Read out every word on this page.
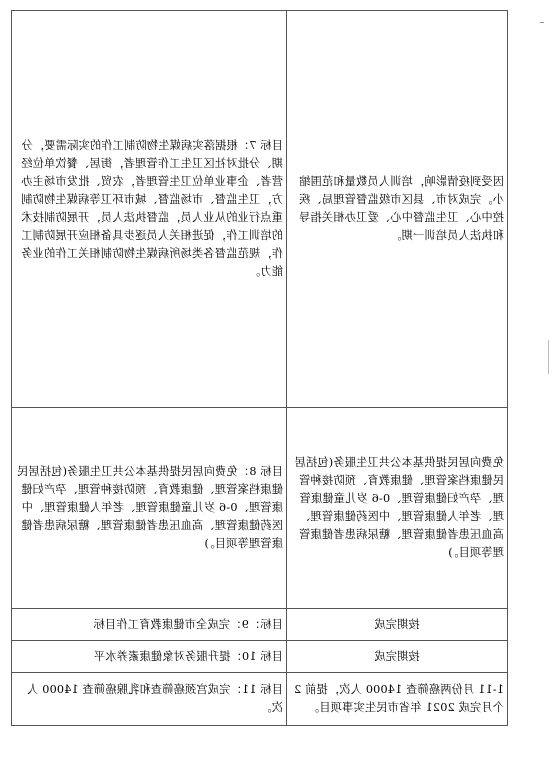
因受到疫情影响，培训人员数量和范围缩小。完成对市、县区市级监督管理局、疾控中心、卫生监督中心、爱卫办相关指导和执法人员培训一期。	目标 7：根据落实病媒生物防制工作的实际需要，分期、分批对社区卫生工作管理者，街居、餐饮单位经营者、企事业单位卫生管理者，农贸、批发市场主办方，卫生监督、市场监督、城市环卫等病媒生物防制重点行业的从业人员，监督执法人员，开展防制技术的培训工作，促进相关人员逐步具备相应开展防制工作，规范监督各类场所病媒生物防制相关工作的业务能力。
免费向居民提供基本公共卫生服务(包括居民健康档案管理、健康教育、预防接种管理、孕产妇健康管理、0-6 岁儿童健康管理、老年人健康管理、中医药健康管理、高血压患者健康管理、糖尿病患者健康管理等项目。)	目标 8：免费向居民提供基本公共卫生服务(包括居民健康档案管理、健康教育、预防接种管理、孕产妇健康管理、0-6 岁儿童健康管理、老年人健康管理、中医药健康管理、高血压患者健康管理、糖尿病患者健康管理等项目。)
按期完成	目标：9：完成全市健康教育工作目标
按期完成	目标 10：提升服务对象健康素养水平
1-11 月份两癌筛查 14000 人次，提前 2 个月完成 2021 年省市民生实事项目。	目标 11：完成宫颈癌筛查和乳腺癌筛查 14000 人次。
